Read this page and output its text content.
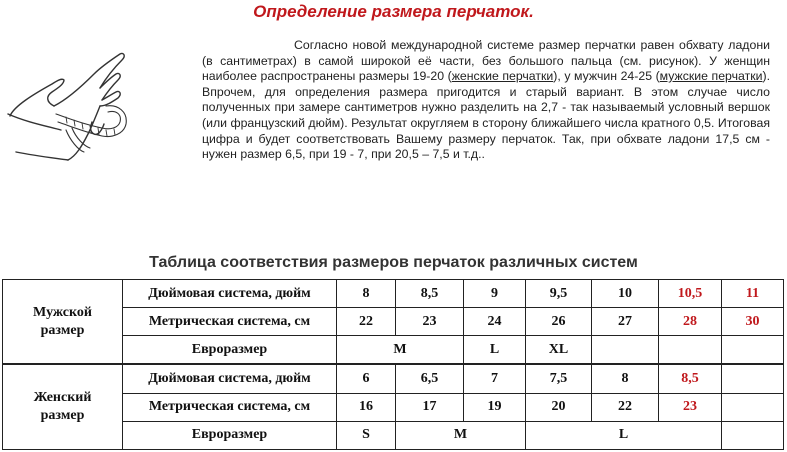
Определение размера перчаток.
Согласно новой международной системе размер перчатки равен обхвату ладони (в сантиметрах) в самой широкой её части, без большого пальца (см. рисунок). У женщин наиболее распространены размеры 19-20 (женские перчатки), у мужчин 24-25 (мужские перчатки). Впрочем, для определения размера пригодится и старый вариант. В этом случае число полученных при замере сантиметров нужно разделить на 2,7 - так называемый условный вершок (или французский дюйм). Результат округляем в сторону ближайшего числа кратного 0,5. Итоговая цифра и будет соответствовать Вашему размеру перчаток. Так, при обхвате ладони 17,5 см - нужен размер 6,5, при 19 - 7, при 20,5 – 7,5 и т.д..
Таблица соответствия размеров перчаток различных систем
Мужской
размер	Дюймовая система, дюйм	8	8,5	9	9,5	10	10,5	11	
	Метрическая система, см	22	23	24	26	27	28	30	
	Евроразмер	M		L	XL				
Женский
размер	Дюймовая система, дюйм	6	6,5	7	7,5	8	8,5		
	Метрическая система, см	16	17	19	20	22	23		
	Евроразмер	S	M		L				
